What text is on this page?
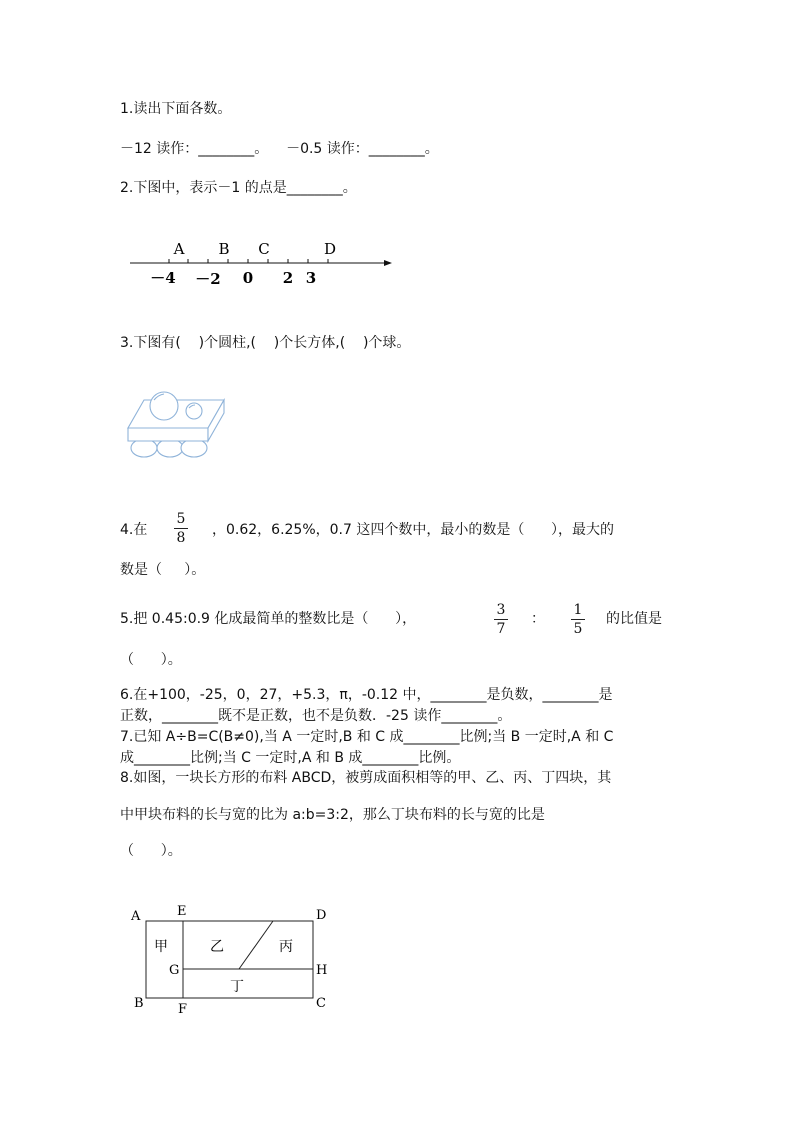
1.读出下面各数。
－12 读作：________。    －0.5 读作：________。
2.下图中，表示－1 的点是________。
A B C	D
－4 －2 0 2 3
3.下图有(    )个圆柱,(    )个长方体,(    )个球。
4.在
5
8 ，0.62，6.25%，0.7 这四个数中，最小的数是（      ），最大的
数是（     ）。
5.把 0.45:0.9 化成最简单的整数比是（      ），
3
7
：
1
5
的比值是
（      ）。
6.在+100，-25，0，27，+5.3，π，-0.12 中，________是负数，________是
正数，________既不是正数，也不是负数．-25 读作________。
7.已知 A÷B=C(B≠0),当 A 一定时,B 和 C 成________比例;当 B 一定时,A 和 C
成________比例;当 C 一定时,A 和 B 成________比例。
8.如图，一块长方形的布料 ABCD，被剪成面积相等的甲、乙、丙、丁四块，其
中甲块布料的长与宽的比为 a:b=3:2，那么丁块布料的长与宽的比是
（      ）。
A	E	D
G	H
B	F	C
甲	乙	丙
丁
